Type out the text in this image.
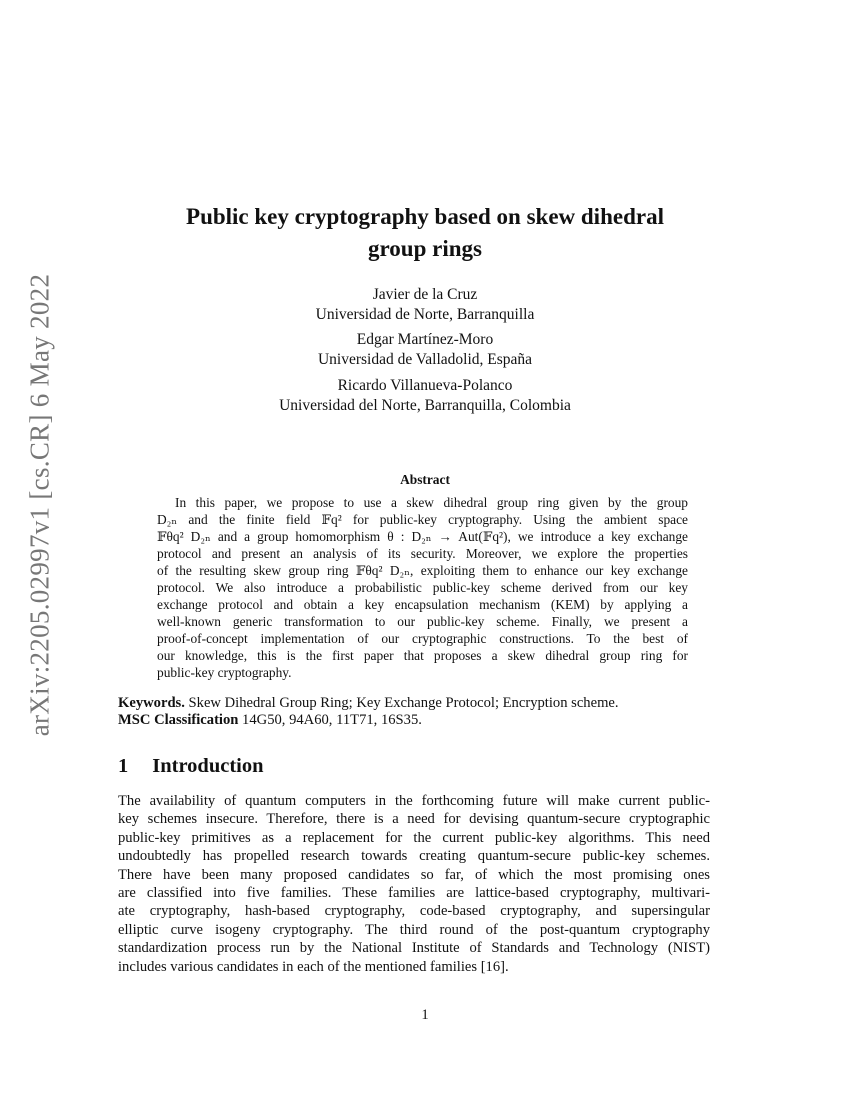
arXiv:2205.02997v1 [cs.CR] 6 May 2022
Public key cryptography based on skew dihedral
group rings
Javier de la Cruz
Universidad de Norte, Barranquilla
Edgar Martínez-Moro
Universidad de Valladolid, España
Ricardo Villanueva-Polanco
Universidad del Norte, Barranquilla, Colombia
Abstract
In this paper, we propose to use a skew dihedral group ring given by the group
D₂ₙ and the finite field 𝔽q² for public-key cryptography. Using the ambient space
𝔽θq² D₂ₙ and a group homomorphism θ : D₂ₙ → Aut(𝔽q²), we introduce a key exchange
protocol and present an analysis of its security. Moreover, we explore the properties
of the resulting skew group ring 𝔽θq² D₂ₙ, exploiting them to enhance our key exchange
protocol. We also introduce a probabilistic public-key scheme derived from our key
exchange protocol and obtain a key encapsulation mechanism (KEM) by applying a
well-known generic transformation to our public-key scheme. Finally, we present a
proof-of-concept implementation of our cryptographic constructions. To the best of
our knowledge, this is the first paper that proposes a skew dihedral group ring for
public-key cryptography.
Keywords. Skew Dihedral Group Ring; Key Exchange Protocol; Encryption scheme.
MSC Classification 14G50, 94A60, 11T71, 16S35.
1 Introduction
The availability of quantum computers in the forthcoming future will make current public-
key schemes insecure. Therefore, there is a need for devising quantum-secure cryptographic
public-key primitives as a replacement for the current public-key algorithms. This need
undoubtedly has propelled research towards creating quantum-secure public-key schemes.
There have been many proposed candidates so far, of which the most promising ones
are classified into five families. These families are lattice-based cryptography, multivari-
ate cryptography, hash-based cryptography, code-based cryptography, and supersingular
elliptic curve isogeny cryptography. The third round of the post-quantum cryptography
standardization process run by the National Institute of Standards and Technology (NIST)
includes various candidates in each of the mentioned families [16].
1
